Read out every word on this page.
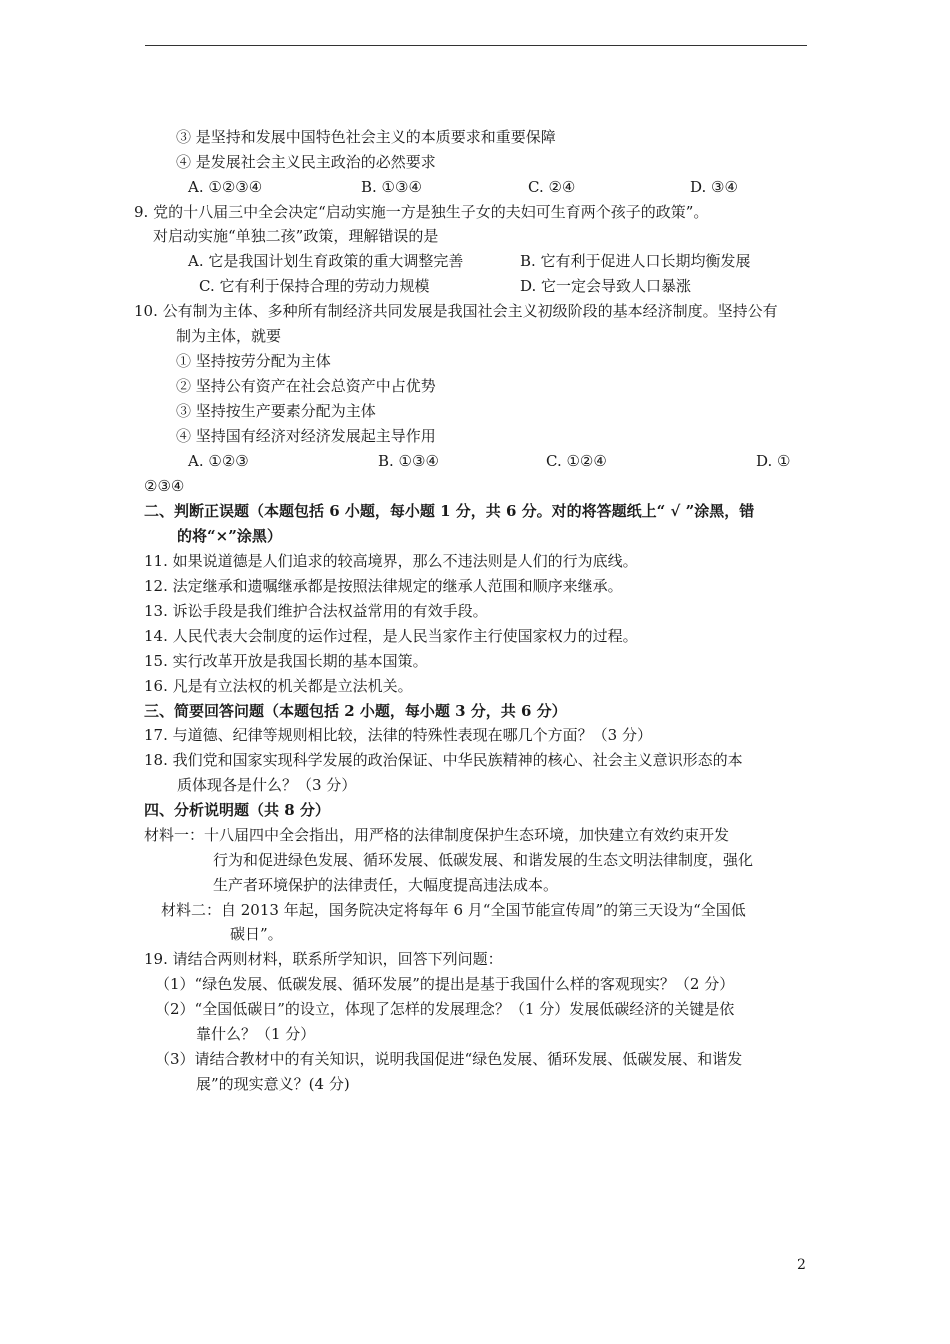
③ 是坚持和发展中国特色社会主义的本质要求和重要保障
④ 是发展社会主义民主政治的必然要求
A. ①②③④	B. ①③④	C. ②④	D. ③④
9. 党的十八届三中全会决定“启动实施一方是独生子女的夫妇可生育两个孩子的政策”。
对启动实施“单独二孩”政策，理解错误的是
A. 它是我国计划生育政策的重大调整完善	B. 它有利于促进人口长期均衡发展
C. 它有利于保持合理的劳动力规模	D. 它一定会导致人口暴涨
10. 公有制为主体、多种所有制经济共同发展是我国社会主义初级阶段的基本经济制度。坚持公有
制为主体，就要
① 坚持按劳分配为主体
② 坚持公有资产在社会总资产中占优势
③ 坚持按生产要素分配为主体
④ 坚持国有经济对经济发展起主导作用
A. ①②③	B. ①③④	C. ①②④	D. ①
②③④
二、判断正误题（本题包括 6 小题，每小题 1 分，共 6 分。对的将答题纸上“ √ ”涂黑，错
的将“×”涂黑）
11. 如果说道德是人们追求的较高境界，那么不违法则是人们的行为底线。
12. 法定继承和遗嘱继承都是按照法律规定的继承人范围和顺序来继承。
13. 诉讼手段是我们维护合法权益常用的有效手段。
14. 人民代表大会制度的运作过程，是人民当家作主行使国家权力的过程。
15. 实行改革开放是我国长期的基本国策。
16. 凡是有立法权的机关都是立法机关。
三、简要回答问题（本题包括 2 小题，每小题 3 分，共 6 分）
17. 与道德、纪律等规则相比较，法律的特殊性表现在哪几个方面？（3 分）
18. 我们党和国家实现科学发展的政治保证、中华民族精神的核心、社会主义意识形态的本
质体现各是什么？（3 分）
四、分析说明题（共 8 分）
材料一：十八届四中全会指出，用严格的法律制度保护生态环境，加快建立有效约束开发
行为和促进绿色发展、循环发展、低碳发展、和谐发展的生态文明法律制度，强化
生产者环境保护的法律责任，大幅度提高违法成本。
材料二：自 2013 年起，国务院决定将每年 6 月“全国节能宣传周”的第三天设为“全国低
碳日”。
19. 请结合两则材料，联系所学知识，回答下列问题：
（1）“绿色发展、低碳发展、循环发展”的提出是基于我国什么样的客观现实？（2 分）
（2）“全国低碳日”的设立，体现了怎样的发展理念？（1 分）发展低碳经济的关键是依
靠什么？（1 分）
（3）请结合教材中的有关知识，说明我国促进“绿色发展、循环发展、低碳发展、和谐发
展”的现实意义？(4 分)
2
